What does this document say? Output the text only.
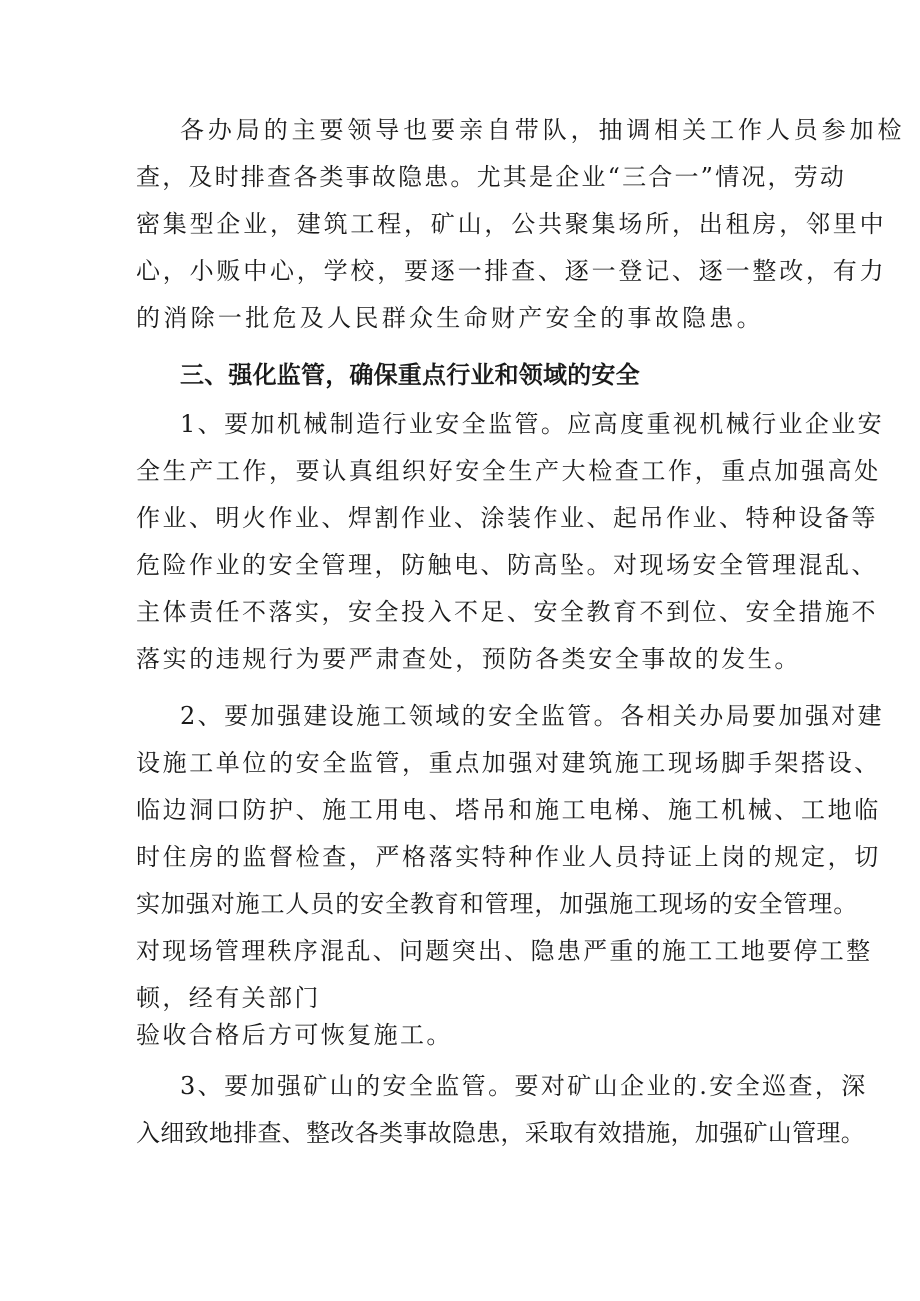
各办局的主要领导也要亲自带队，抽调相关工作人员参加检

查，及时排查各类事故隐患。尤其是企业“三合一”情况，劳动

密集型企业，建筑工程，矿山，公共聚集场所，出租房，邻里中

心，小贩中心，学校，要逐一排查、逐一登记、逐一整改，有力

的消除一批危及人民群众生命财产安全的事故隐患。

三、强化监管，确保重点行业和领域的安全

1、要加机械制造行业安全监管。应高度重视机械行业企业安

全生产工作，要认真组织好安全生产大检查工作，重点加强高处

作业、明火作业、焊割作业、涂装作业、起吊作业、特种设备等

危险作业的安全管理，防触电、防高坠。对现场安全管理混乱、

主体责任不落实，安全投入不足、安全教育不到位、安全措施不

落实的违规行为要严肃查处，预防各类安全事故的发生。

2、要加强建设施工领域的安全监管。各相关办局要加强对建

设施工单位的安全监管，重点加强对建筑施工现场脚手架搭设、

临边洞口防护、施工用电、塔吊和施工电梯、施工机械、工地临

时住房的监督检查，严格落实特种作业人员持证上岗的规定，切

实加强对施工人员的安全教育和管理，加强施工现场的安全管理。

对现场管理秩序混乱、问题突出、隐患严重的施工工地要停工整

顿，经有关部门

验收合格后方可恢复施工。

3、要加强矿山的安全监管。要对矿山企业的.安全巡查，深

入细致地排查、整改各类事故隐患，采取有效措施，加强矿山管理。
